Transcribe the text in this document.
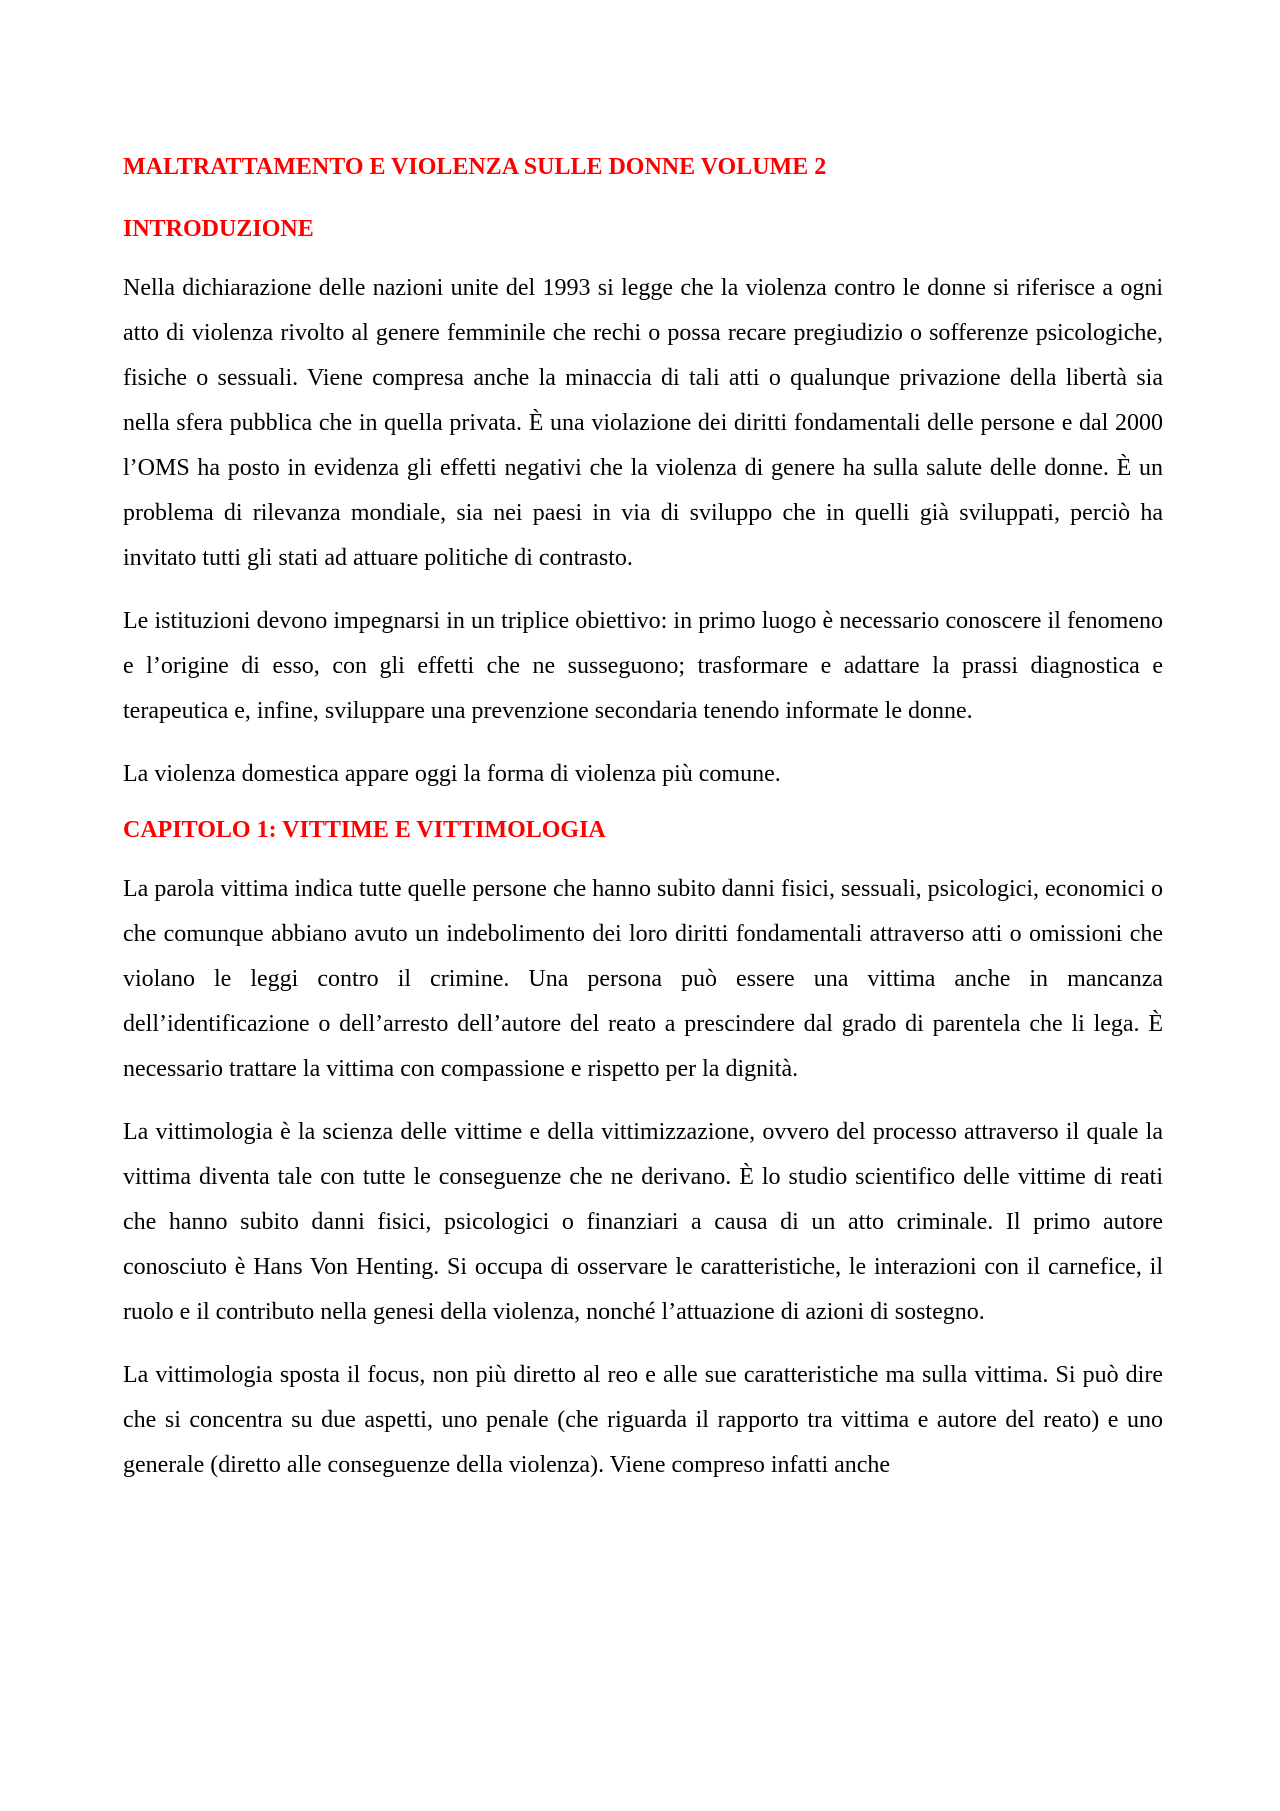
MALTRATTAMENTO E VIOLENZA SULLE DONNE VOLUME 2
INTRODUZIONE

Nella dichiarazione delle nazioni unite del 1993 si legge che la violenza contro le donne si riferisce a ogni atto di violenza rivolto al genere femminile che rechi o possa recare pregiudizio o sofferenze psicologiche, fisiche o sessuali. Viene compresa anche la minaccia di tali atti o qualunque privazione della libertà sia nella sfera pubblica che in quella privata. È una violazione dei diritti fondamentali delle persone e dal 2000 l’OMS ha posto in evidenza gli effetti negativi che la violenza di genere ha sulla salute delle donne. È un problema di rilevanza mondiale, sia nei paesi in via di sviluppo che in quelli già sviluppati, perciò ha invitato tutti gli stati ad attuare politiche di contrasto.

Le istituzioni devono impegnarsi in un triplice obiettivo: in primo luogo è necessario conoscere il fenomeno e l’origine di esso, con gli effetti che ne susseguono; trasformare e adattare la prassi diagnostica e terapeutica e, infine, sviluppare una prevenzione secondaria tenendo informate le donne.

La violenza domestica appare oggi la forma di violenza più comune.

CAPITOLO 1: VITTIME E VITTIMOLOGIA

La parola vittima indica tutte quelle persone che hanno subito danni fisici, sessuali, psicologici, economici o che comunque abbiano avuto un indebolimento dei loro diritti fondamentali attraverso atti o omissioni che violano le leggi contro il crimine. Una persona può essere una vittima anche in mancanza dell’identificazione o dell’arresto dell’autore del reato a prescindere dal grado di parentela che li lega. È necessario trattare la vittima con compassione e rispetto per la dignità.

La vittimologia è la scienza delle vittime e della vittimizzazione, ovvero del processo attraverso il quale la vittima diventa tale con tutte le conseguenze che ne derivano. È lo studio scientifico delle vittime di reati che hanno subito danni fisici, psicologici o finanziari a causa di un atto criminale. Il primo autore conosciuto è Hans Von Henting. Si occupa di osservare le caratteristiche, le interazioni con il carnefice, il ruolo e il contributo nella genesi della violenza, nonché l’attuazione di azioni di sostegno.

La vittimologia sposta il focus, non più diretto al reo e alle sue caratteristiche ma sulla vittima. Si può dire che si concentra su due aspetti, uno penale (che riguarda il rapporto tra vittima e autore del reato) e uno generale (diretto alle conseguenze della violenza). Viene compreso infatti anche
